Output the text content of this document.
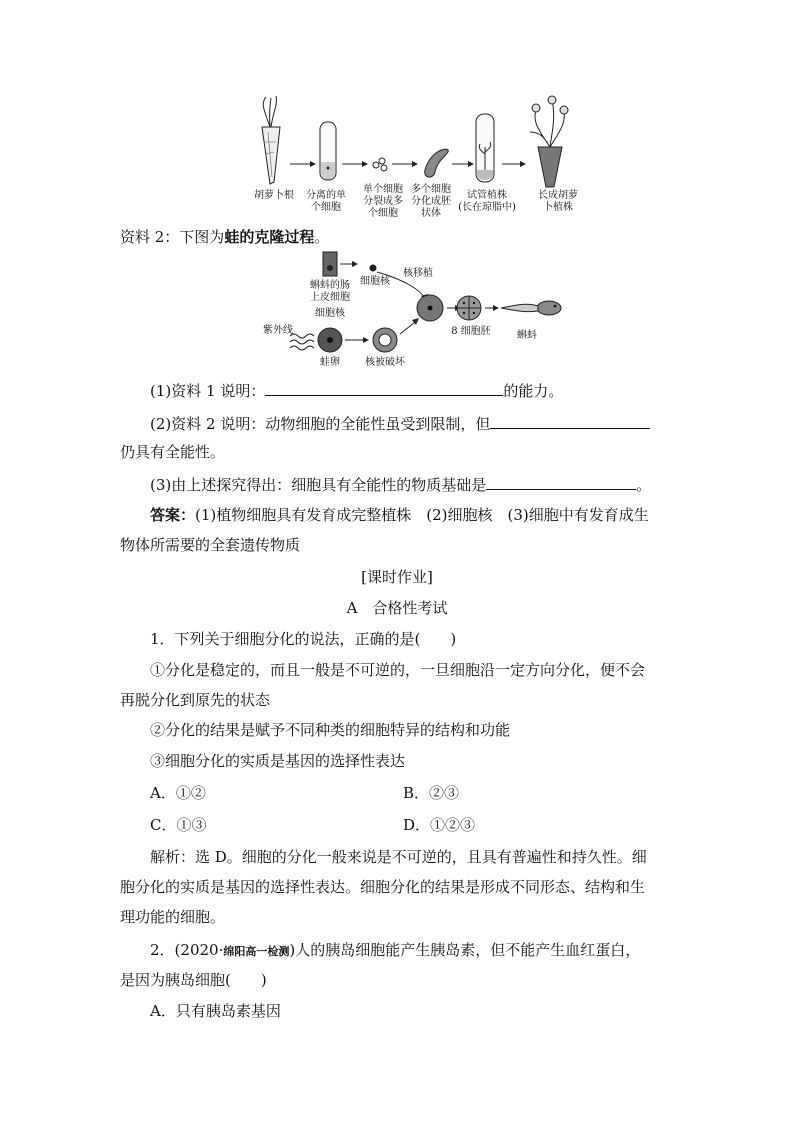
胡萝卜根	分离的单
个细胞
单个细胞
分裂成多
个细胞
多个细胞
分化成胚
状体
试管植株
(长在琼脂中)
长成胡萝
卜植株
资料 2：下图为蛙的克隆过程。
蝌蚪的肠
上皮细胞
细胞核
核移植
细胞核
紫外线
蛙卵	核被破坏
8 细胞胚	蝌蚪
(1)资料 1 说明：	的能力。
(2)资料 2 说明：动物细胞的全能性虽受到限制，但
仍具有全能性。
(3)由上述探究得出：细胞具有全能性的物质基础是	。
答案：(1)植物细胞具有发育成完整植株　(2)细胞核　(3)细胞中有发育成生
物体所需要的全套遗传物质
[课时作业]
A　合格性考试
1．下列关于细胞分化的说法，正确的是(　　)
①分化是稳定的，而且一般是不可逆的，一旦细胞沿一定方向分化，便不会
再脱分化到原先的状态
②分化的结果是赋予不同种类的细胞特异的结构和功能
③细胞分化的实质是基因的选择性表达
A．①②	B．②③
C．①③	D．①②③
解析：选 D。细胞的分化一般来说是不可逆的，且具有普遍性和持久性。细
胞分化的实质是基因的选择性表达。细胞分化的结果是形成不同形态、结构和生
理功能的细胞。
2．(2020·绵阳高一检测)人的胰岛细胞能产生胰岛素，但不能产生血红蛋白，
是因为胰岛细胞(　　)
A．只有胰岛素基因
